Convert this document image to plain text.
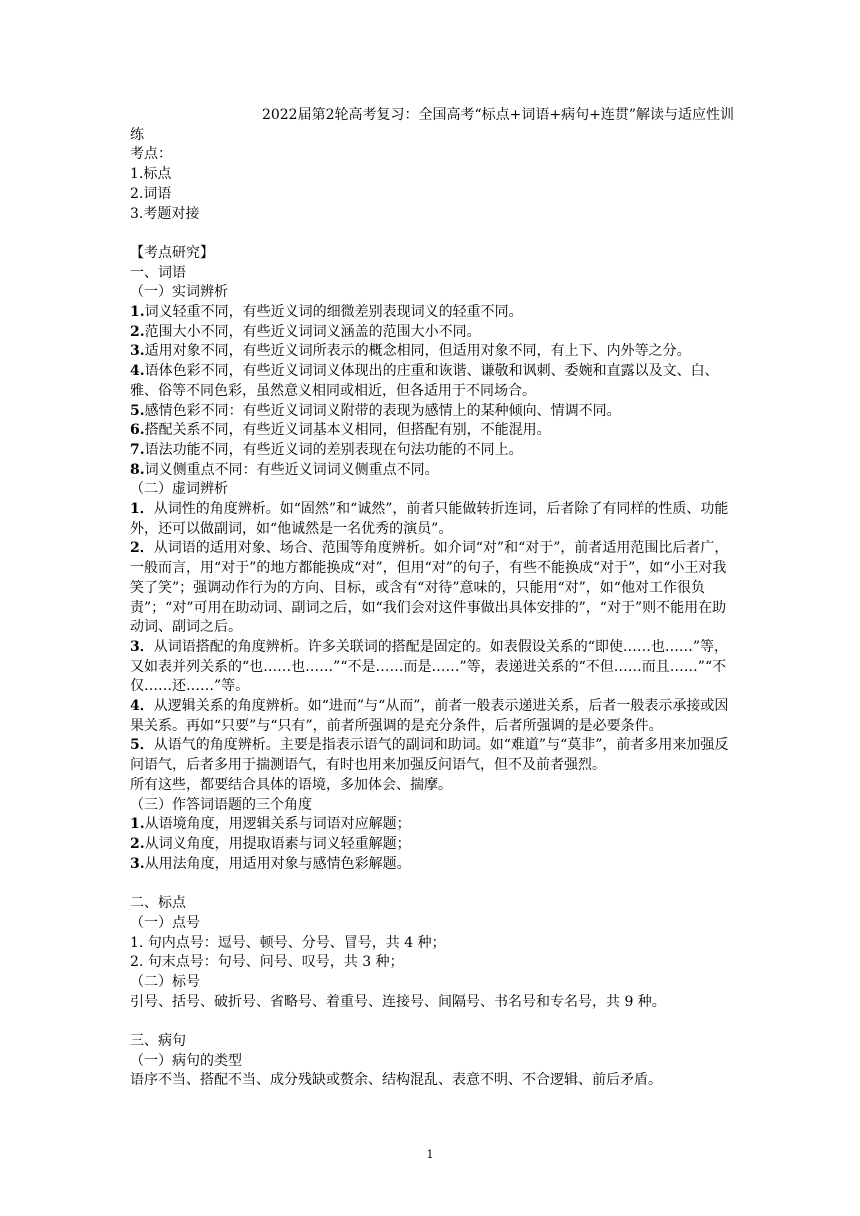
2022届第2轮高考复习：全国高考“标点+词语+病句+连贯”解读与适应性训
练
考点：
1.标点
2.词语
3.考题对接
【考点研究】
一、词语
（一）实词辨析
1.词义轻重不同，有些近义词的细微差别表现词义的轻重不同。
2.范围大小不同，有些近义词词义涵盖的范围大小不同。
3.适用对象不同，有些近义词所表示的概念相同，但适用对象不同，有上下、内外等之分。
4.语体色彩不同，有些近义词词义体现出的庄重和诙谐、谦敬和讽刺、委婉和直露以及文、白、雅、俗等不同色彩，虽然意义相同或相近，但各适用于不同场合。
5.感情色彩不同：有些近义词词义附带的表现为感情上的某种倾向、情调不同。
6.搭配关系不同，有些近义词基本义相同，但搭配有别，不能混用。
7.语法功能不同，有些近义词的差别表现在句法功能的不同上。
8.词义侧重点不同：有些近义词词义侧重点不同。
（二）虚词辨析
1．从词性的角度辨析。如“固然”和“诚然”，前者只能做转折连词，后者除了有同样的性质、功能外，还可以做副词，如“他诚然是一名优秀的演员”。
2．从词语的适用对象、场合、范围等角度辨析。如介词“对”和“对于”，前者适用范围比后者广，一般而言，用“对于”的地方都能换成“对”，但用“对”的句子，有些不能换成“对于”，如“小王对我笑了笑”；强调动作行为的方向、目标，或含有“对待”意味的，只能用“对”，如“他对工作很负责”；“对”可用在助动词、副词之后，如“我们会对这件事做出具体安排的”，“对于”则不能用在助动词、副词之后。
3．从词语搭配的角度辨析。许多关联词的搭配是固定的。如表假设关系的“即使……也……”等，又如表并列关系的“也……也……”“不是……而是……”等，表递进关系的“不但……而且……”“不仅……还……”等。
4．从逻辑关系的角度辨析。如“进而”与“从而”，前者一般表示递进关系，后者一般表示承接或因果关系。再如“只要”与“只有”，前者所强调的是充分条件，后者所强调的是必要条件。
5．从语气的角度辨析。主要是指表示语气的副词和助词。如“难道”与“莫非”，前者多用来加强反问语气，后者多用于揣测语气，有时也用来加强反问语气，但不及前者强烈。
所有这些，都要结合具体的语境，多加体会、揣摩。
（三）作答词语题的三个角度
1.从语境角度，用逻辑关系与词语对应解题；
2.从词义角度，用提取语素与词义轻重解题；
3.从用法角度，用适用对象与感情色彩解题。
二、标点
（一）点号
1. 句内点号：逗号、顿号、分号、冒号，共 4 种；
2. 句末点号：句号、问号、叹号，共 3 种；
（二）标号
引号、括号、破折号、省略号、着重号、连接号、间隔号、书名号和专名号，共 9 种。
三、病句
（一）病句的类型
语序不当、搭配不当、成分残缺或赘余、结构混乱、表意不明、不合逻辑、前后矛盾。
1
